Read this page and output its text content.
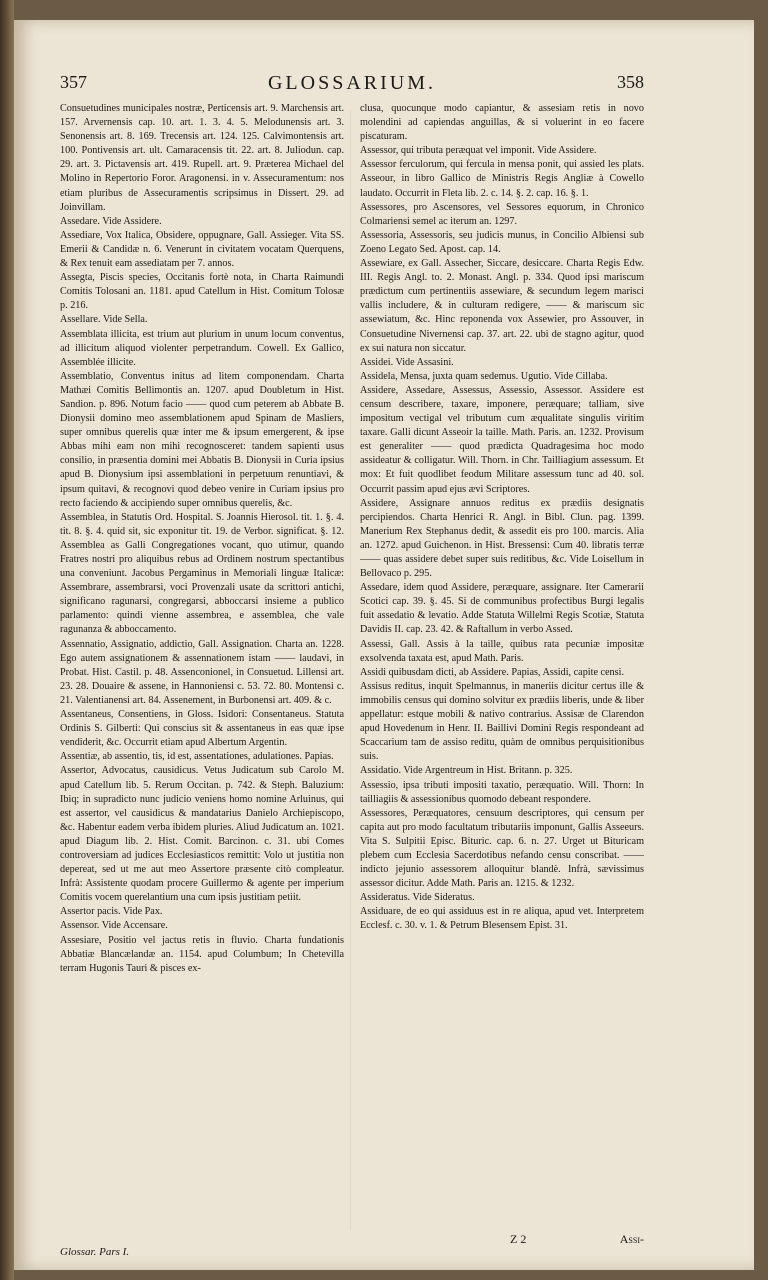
357	GLOSSARIUM.	358

Consuetudines municipales nostræ, Perticensis art. 9. Marchensis art. 157. Arvernensis cap. 10. art. 1. 3. 4. 5. Melodunensis art. 3. Senonensis art. 8. 169. Trecensis art. 124. 125. Calvimontensis art. 100. Pontivensis art. ult. Camaracensis tit. 22. art. 8. Juliodun. cap. 29. art. 3. Pictavensis art. 419. Rupell. art. 9. Præterea Michael del Molino in Repertorio Foror. Aragonensi. in v. Assecuramentum: nos etiam pluribus de Assecuramentis scripsimus in Dissert. 29. ad Joinvillam.

Assedare. Vide Assidere.

Assediare, Vox Italica, Obsidere, oppugnare, Gall. Assieger. Vita SS. Emerii & Candidæ n. 6. Venerunt in civitatem vocatam Querquens, & Rex tenuit eam assediatam per 7. annos.

Assegta, Piscis species, Occitanis fortè nota, in Charta Raimundi Comitis Tolosani an. 1181. apud Catellum in Hist. Comitum Tolosæ p. 216.

Assellare. Vide Sella.

Assemblata illicita, est trium aut plurium in unum locum conventus, ad illicitum aliquod violenter perpetrandum. Cowell. Ex Gallico, Assemblée illicite.

Assemblatio, Conventus initus ad litem componendam. Charta Mathæi Comitis Bellimontis an. 1207. apud Doubletum in Hist. Sandion. p. 896. Notum facio —— quod cum peterem ab Abbate B. Dionysii domino meo assemblationem apud Spinam de Masliers, super omnibus querelis quæ inter me & ipsum emergerent, & ipse Abbas mihi eam non mihi recognosceret: tandem sapienti usus consilio, in præsentia domini mei Abbatis B. Dionysii in Curia ipsius apud B. Dionysium ipsi assemblationi in perpetuum renuntiavi, & ipsum quitavi, & recognovi quod debeo venire in Curiam ipsius pro recto faciendo & accipiendo super omnibus querelis, &c.

Assemblea, in Statutis Ord. Hospital. S. Joannis Hierosol. tit. 1. §. 4. tit. 8. §. 4. quid sit, sic exponitur tit. 19. de Verbor. significat. §. 12. Assemblea as Galli Congregationes vocant, quo utimur, quando Fratres nostri pro aliquibus rebus ad Ordinem nostrum spectantibus una conveniunt. Jacobus Pergaminus in Memoriali linguæ Italicæ: Assembrare, assembrarsi, voci Provenzali usate da scrittori antichi, significano ragunarsi, congregarsi, abboccarsi insieme a publico parlamento: quindi vienne assembrea, e assemblea, che vale ragunanza & abboccamento.

Assennatio, Assignatio, addictio, Gall. Assignation. Charta an. 1228. Ego autem assignationem & assennationem istam —— laudavi, in Probat. Hist. Castil. p. 48. Assenconionel, in Consuetud. Lillensi art. 23. 28. Douaire & assene, in Hannoniensi c. 53. 72. 80. Montensi c. 21. Valentianensi art. 84. Assenement, in Burbonensi art. 409. & c.

Assentaneus, Consentiens, in Gloss. Isidori: Consentaneus. Statuta Ordinis S. Gilberti: Qui conscius sit & assentaneus in eas quæ ipse vendiderit, &c. Occurrit etiam apud Albertum Argentin.

Assentiæ, ab assentio, tis, id est, assentationes, adulationes. Papias.

Assertor, Advocatus, causidicus. Vetus Judicatum sub Carolo M. apud Catellum lib. 5. Rerum Occitan. p. 742. & Steph. Baluzium: Ibiq; in supradicto nunc judicio veniens homo nomine Arluinus, qui est assertor, vel causidicus & mandatarius Danielo Archiepiscopo, &c. Habentur eadem verba ibidem pluries. Aliud Judicatum an. 1021. apud Diagum lib. 2. Hist. Comit. Barcinon. c. 31. ubi Comes controversiam ad judices Ecclesiasticos remittit: Volo ut justitia non depereat, sed ut me aut meo Assertore præsente citò compleatur. Infrà: Assistente quodam procere Guillermo & agente per imperium Comitis vocem querelantium una cum ipsis justitiam petiit.

Assertor pacis. Vide Pax.

Assensor. Vide Accensare.

Assesiare, Positio vel jactus retis in fluvio. Charta fundationis Abbatiæ Blancælandæ an. 1154. apud Columbum; In Chetevilla terram Hugonis Tauri & pisces ex-

clusa, quocunque modo capiantur, & assesiam retis in novo molendini ad capiendas anguillas, & si voluerint in eo facere piscaturam.

Assessor, qui tributa peræquat vel imponit. Vide Assidere.

Assessor ferculorum, qui fercula in mensa ponit, qui assied les plats. Asseour, in libro Gallico de Ministris Regis Angliæ à Cowello laudato. Occurrit in Fleta lib. 2. c. 14. §. 2. cap. 16. §. 1.

Assessores, pro Ascensores, vel Sessores equorum, in Chronico Colmariensi semel ac iterum an. 1297.

Assessoria, Assessoris, seu judicis munus, in Concilio Albiensi sub Zoeno Legato Sed. Apost. cap. 14.

Assewiare, ex Gall. Assecher, Siccare, desiccare. Charta Regis Edw. III. Regis Angl. to. 2. Monast. Angl. p. 334. Quod ipsi mariscum prædictum cum pertinentiis assewiare, & secundum legem marisci vallis includere, & in culturam redigere, —— & mariscum sic assewiatum, &c. Hinc reponenda vox Assewier, pro Assouver, in Consuetudine Nivernensi cap. 37. art. 22. ubi de stagno agitur, quod ex sui natura non siccatur.

Assidei. Vide Assasini.

Assidela, Mensa, juxta quam sedemus. Ugutio. Vide Cillaba.

Assidere, Assedare, Assessus, Assessio, Assessor. Assidere est censum describere, taxare, imponere, peræquare; talliam, sive impositum vectigal vel tributum cum æqualitate singulis viritim taxare. Galli dicunt Asseoir la taille. Math. Paris. an. 1232. Provisum est generaliter —— quod prædicta Quadragesima hoc modo assideatur & colligatur. Will. Thorn. in Chr. Tailliagium assessum. Et mox: Et fuit quodlibet feodum Militare assessum tunc ad 40. sol. Occurrit passim apud ejus ævi Scriptores.

Assidere, Assignare annuos reditus ex prædiis designatis percipiendos. Charta Henrici R. Angl. in Bibl. Clun. pag. 1399. Manerium Rex Stephanus dedit, & assedit eis pro 100. marcis. Alia an. 1272. apud Guichenon. in Hist. Bressensi: Cum 40. libratis terræ —— quas assidere debet super suis reditibus, &c. Vide Loisellum in Bellovaco p. 295.

Assedare, idem quod Assidere, peræquare, assignare. Iter Camerarii Scotici cap. 39. §. 45. Si de communibus profectibus Burgi legalis fuit assedatio & levatio. Adde Statuta Willelmi Regis Scotiæ, Statuta Davidis II. cap. 23. 42. & Raftallum in verbo Assed.

Assessi, Gall. Assis à la taille, quibus rata pecuniæ impositæ exsolvenda taxata est, apud Math. Paris.

Assidi quibusdam dicti, ab Assidere. Papias, Assidi, capite censi.

Assisus reditus, inquit Spelmannus, in maneriis dicitur certus ille & immobilis census qui domino solvitur ex prædiis liberis, unde & liber appellatur: estque mobili & nativo contrarius. Assisæ de Clarendon apud Hovedenum in Henr. II. Baillivi Domini Regis respondeant ad Scaccarium tam de assiso reditu, quàm de omnibus perquisitionibus suis.

Assidatio. Vide Argentreum in Hist. Britann. p. 325.

Assessio, ipsa tributi impositi taxatio, peræquatio. Will. Thorn: In tailliagiis & assessionibus quomodo debeant respondere.

Assessores, Peræquatores, censuum descriptores, qui censum per capita aut pro modo facultatum tributariis imponunt, Gallis Asseeurs. Vita S. Sulpitii Episc. Bituric. cap. 6. n. 27. Urget ut Bituricam plebem cum Ecclesia Sacerdotibus nefando censu conscribat. —— indicto jejunio assessorem alloquitur blandè. Infrà, sævissimus assessor dicitur. Adde Math. Paris an. 1215. & 1232.

Assideratus. Vide Sideratus.

Assiduare, de eo qui assiduus est in re aliqua, apud vet. Interpretem Ecclesf. c. 30. v. 1. & Petrum Blesensem Epist. 31.

Glossar. Pars I.
Z 2	Assi-
